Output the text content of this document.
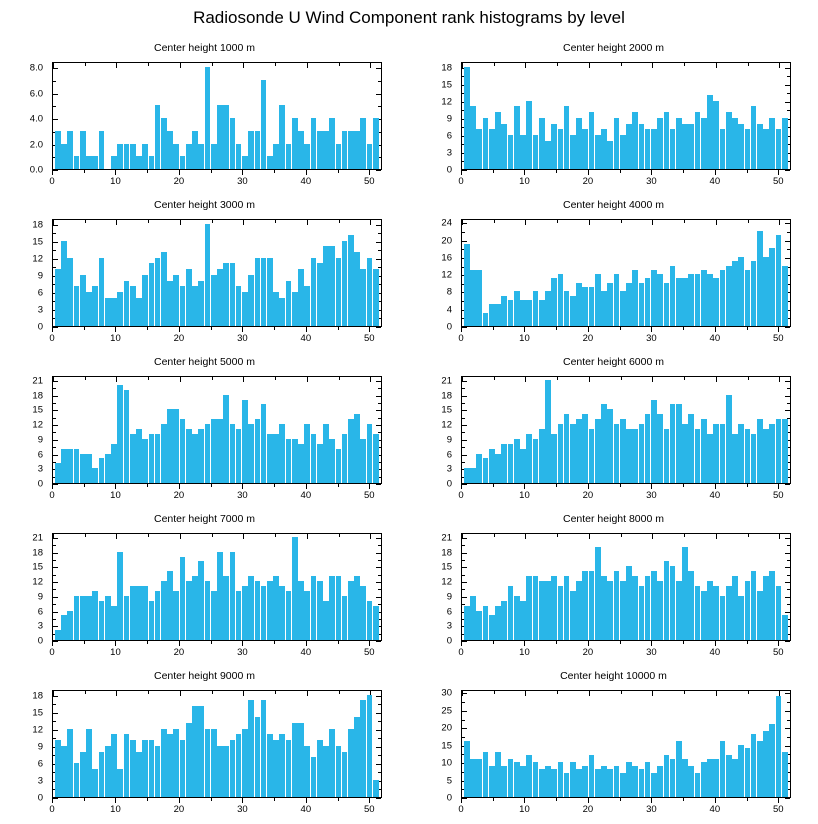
Radiosonde U Wind Component rank histograms by level
Center height 1000 m
0.0
2.0
4.0
6.0
8.0
0	10	20	30	40	50
Center height 2000 m
0
3
6
9
12
15
18
0	10	20	30	40	50
Center height 3000 m
0
3
6
9
12
15
18
0	10	20	30	40	50
Center height 4000 m
0
4
8
12
16
20
24
0	10	20	30	40	50
Center height 5000 m
0
3
6
9
12
15
18
21
0	10	20	30	40	50
Center height 6000 m
0
3
6
9
12
15
18
21
0	10	20	30	40	50
Center height 7000 m
0
3
6
9
12
15
18
21
0	10	20	30	40	50
Center height 8000 m
0
3
6
9
12
15
18
21
0	10	20	30	40	50
Center height 9000 m
0
3
6
9
12
15
18
0	10	20	30	40	50
Center height 10000 m
0
5
10
15
20
25
30
0	10	20	30	40	50
